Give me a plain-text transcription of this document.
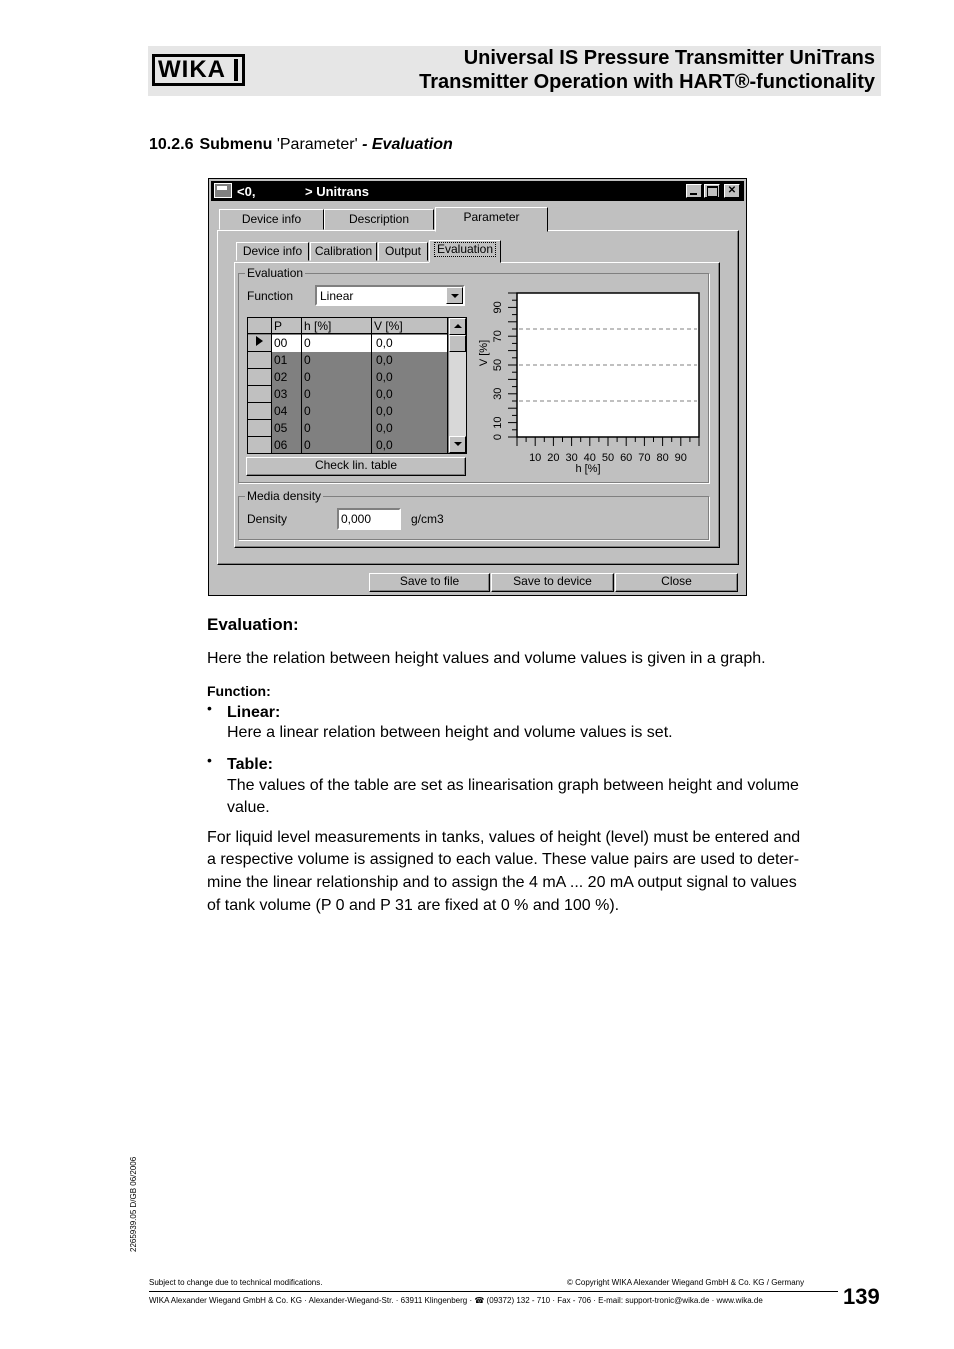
WIKA	Universal IS Pressure Transmitter UniTrans
Transmitter Operation with HART®-functionality
10.2.6 Submenu 'Parameter' - Evaluation
<0,	> Unitrans	✕
Device info	Description	Parameter
Device info	Calibration	Output	Evaluation
Evaluation
Function Linear
P h [%]	V [%]
00 0	0,0
01 0	0,0
02 0	0,0
03 0	0,0
04 0	0,0
05 0	0,0
06 0	0,0
Check lin. table	10 20 30 40 50 60 70 80 90
0
10
30
50
70
90
h [%]
V [%]
Media density
Density	0,000	g/cm3
Save to file	Save to device	Close
Evaluation:
Here the relation between height values and volume values is given in a graph.
Function:
• Linear:
Here a linear relation between height and volume values is set.
• Table:
The values of the table are set as linearisation graph between height and volume
value.
For liquid level measurements in tanks, values of height (level) must be entered and
a respective volume is assigned to each value. These value pairs are used to deter-
mine the linear relationship and to assign the 4 mA ... 20 mA output signal to values
of tank volume (P 0 and P 31 are fixed at 0 % and 100 %).
2265939.05 D/GB 06/2006
Subject to change due to technical modifications.	© Copyright WIKA Alexander Wiegand GmbH & Co. KG / Germany
WIKA Alexander Wiegand GmbH & Co. KG · Alexander-Wiegand-Str. · 63911 Klingenberg · ☎ (09372) 132 - 710 · Fax - 706 · E-mail: support-tronic@wika.de · www.wika.de	139
